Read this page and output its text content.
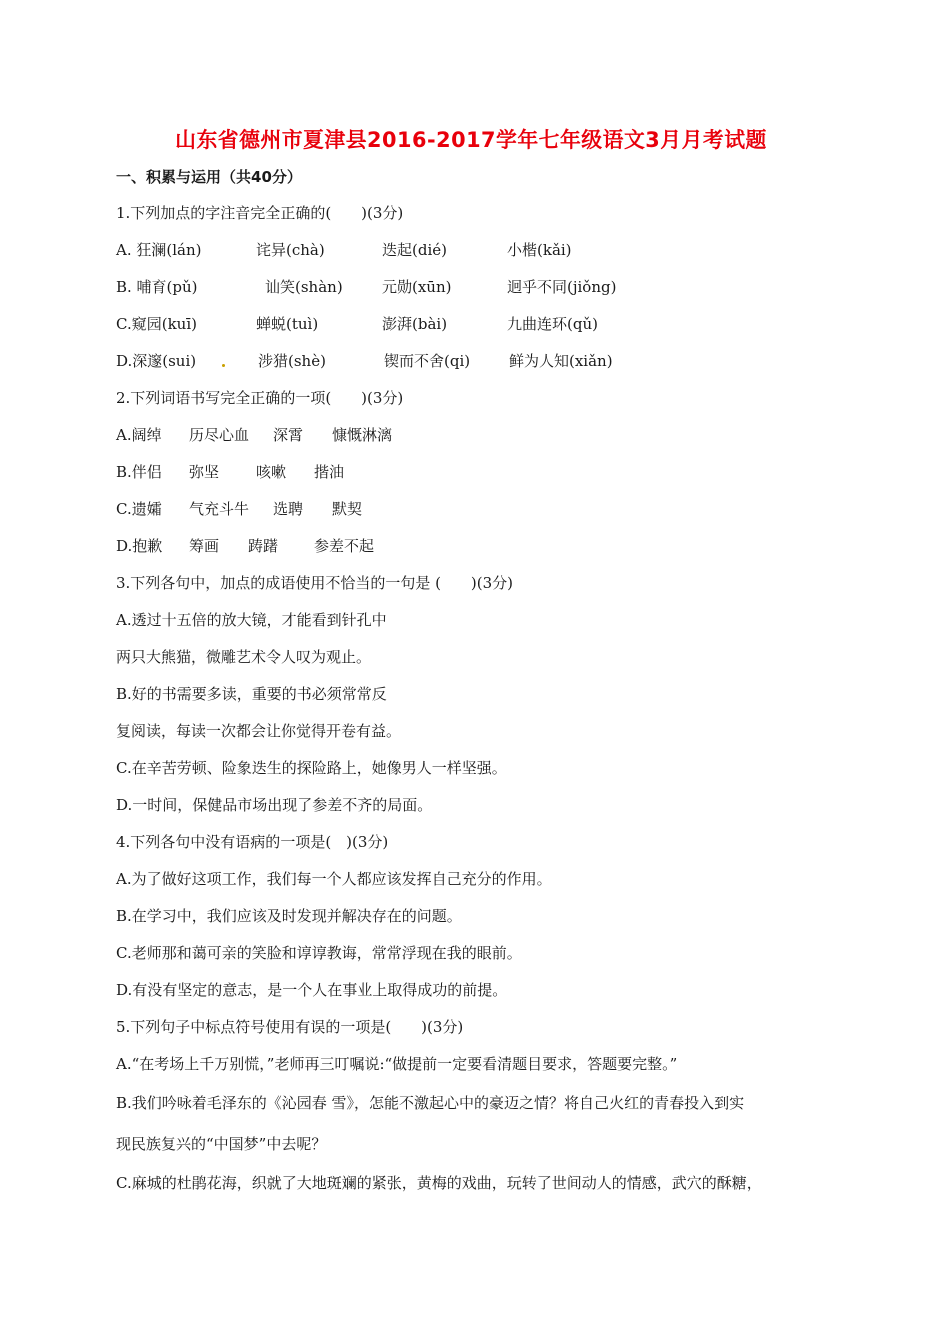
山东省德州市夏津县2016-2017学年七年级语文3月月考试题
一、积累与运用（共40分）
1.下列加点的字注音完全正确的(　　)(3分)
A. 狂澜(lán)	诧异(chà)	迭起(dié)	小楷(kǎi)
B. 哺育(pǔ)	讪笑(shàn)	元勋(xūn)	迥乎不同(jiǒng)
C.窥园(kuī)	蝉蜕(tuì)	澎湃(bài)	九曲连环(qǔ)
D.深邃(sui)	涉猎(shè)	锲而不舍(qi)	鲜为人知(xiǎn)
2.下列词语书写完全正确的一项(　　)(3分)
A.阔绰 历尽心血 深霄 慷慨淋漓
B.伴侣 弥坚 咳嗽 揩油
C.遗孀 气充斗牛 选聘 默契
D.抱歉 筹画 踌躇 参差不起
3.下列各句中，加点的成语使用不恰当的一句是 (　　)(3分)
A.透过十五倍的放大镜，才能看到针孔中
两只大熊猫，微雕艺术令人叹为观止。
B.好的书需要多读，重要的书必须常常反
复阅读，每读一次都会让你觉得开卷有益。
C.在辛苦劳顿、险象迭生的探险路上，她像男人一样坚强。
D.一时间，保健品市场出现了参差不齐的局面。
4.下列各句中没有语病的一项是(　)(3分)
A.为了做好这项工作，我们每一个人都应该发挥自己充分的作用。
B.在学习中，我们应该及时发现并解决存在的问题。
C.老师那和蔼可亲的笑脸和谆谆教诲，常常浮现在我的眼前。
D.有没有坚定的意志，是一个人在事业上取得成功的前提。
5.下列句子中标点符号使用有误的一项是(　　)(3分)
A.“在考场上千万别慌，”老师再三叮嘱说:“做提前一定要看清题目要求，答题要完整。”
B.我们吟咏着毛泽东的《沁园春 雪》，怎能不激起心中的豪迈之情？将自己火红的青春投入到实
现民族复兴的“中国梦”中去呢？
C.麻城的杜鹃花海，织就了大地斑斓的紧张，黄梅的戏曲，玩转了世间动人的情感，武穴的酥糖，
